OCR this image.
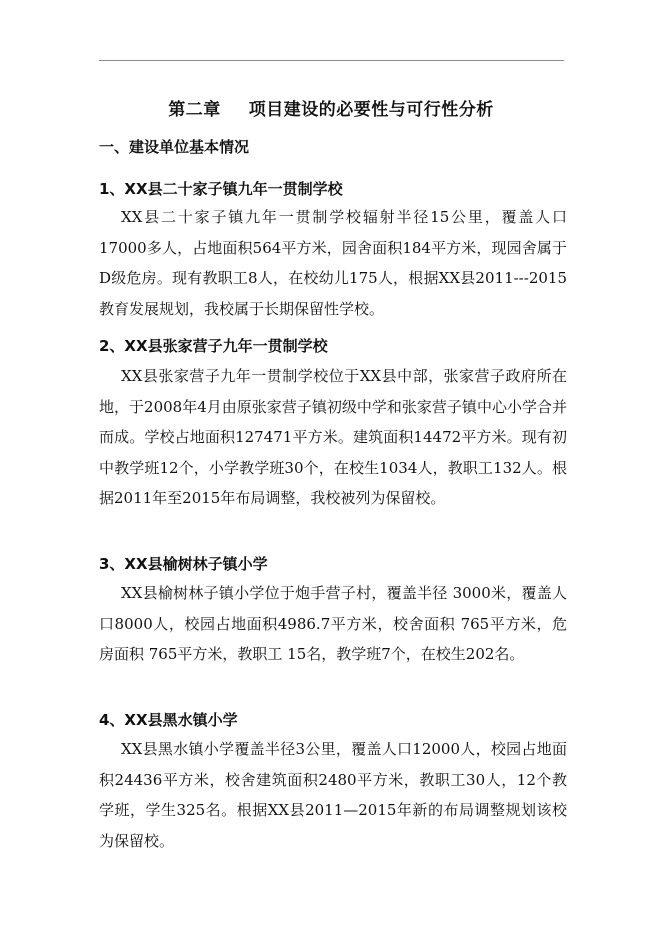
第二章 项目建设的必要性与可行性分析
一、建设单位基本情况
1、XX县二十家子镇九年一贯制学校
XX县二十家子镇九年一贯制学校辐射半径15公里，覆盖人口17000多人，占地面积564平方米，园舍面积184平方米，现园舍属于D级危房。现有教职工8人，在校幼儿175人，根据XX县2011---2015教育发展规划，我校属于长期保留性学校。
2、XX县张家营子九年一贯制学校
XX县张家营子九年一贯制学校位于XX县中部，张家营子政府所在地，于2008年4月由原张家营子镇初级中学和张家营子镇中心小学合并而成。学校占地面积127471平方米。建筑面积14472平方米。现有初中教学班12个，小学教学班30个，在校生1034人，教职工132人。根据2011年至2015年布局调整，我校被列为保留校。
3、XX县榆树林子镇小学
XX县榆树林子镇小学位于炮手营子村，覆盖半径 3000米，覆盖人口8000人，校园占地面积4986.7平方米，校舍面积 765平方米，危房面积 765平方米，教职工 15名，教学班7个，在校生202名。
4、XX县黑水镇小学
XX县黑水镇小学覆盖半径3公里，覆盖人口12000人，校园占地面积24436平方米，校舍建筑面积2480平方米，教职工30人，12个教学班，学生325名。根据XX县2011—2015年新的布局调整规划该校为保留校。
